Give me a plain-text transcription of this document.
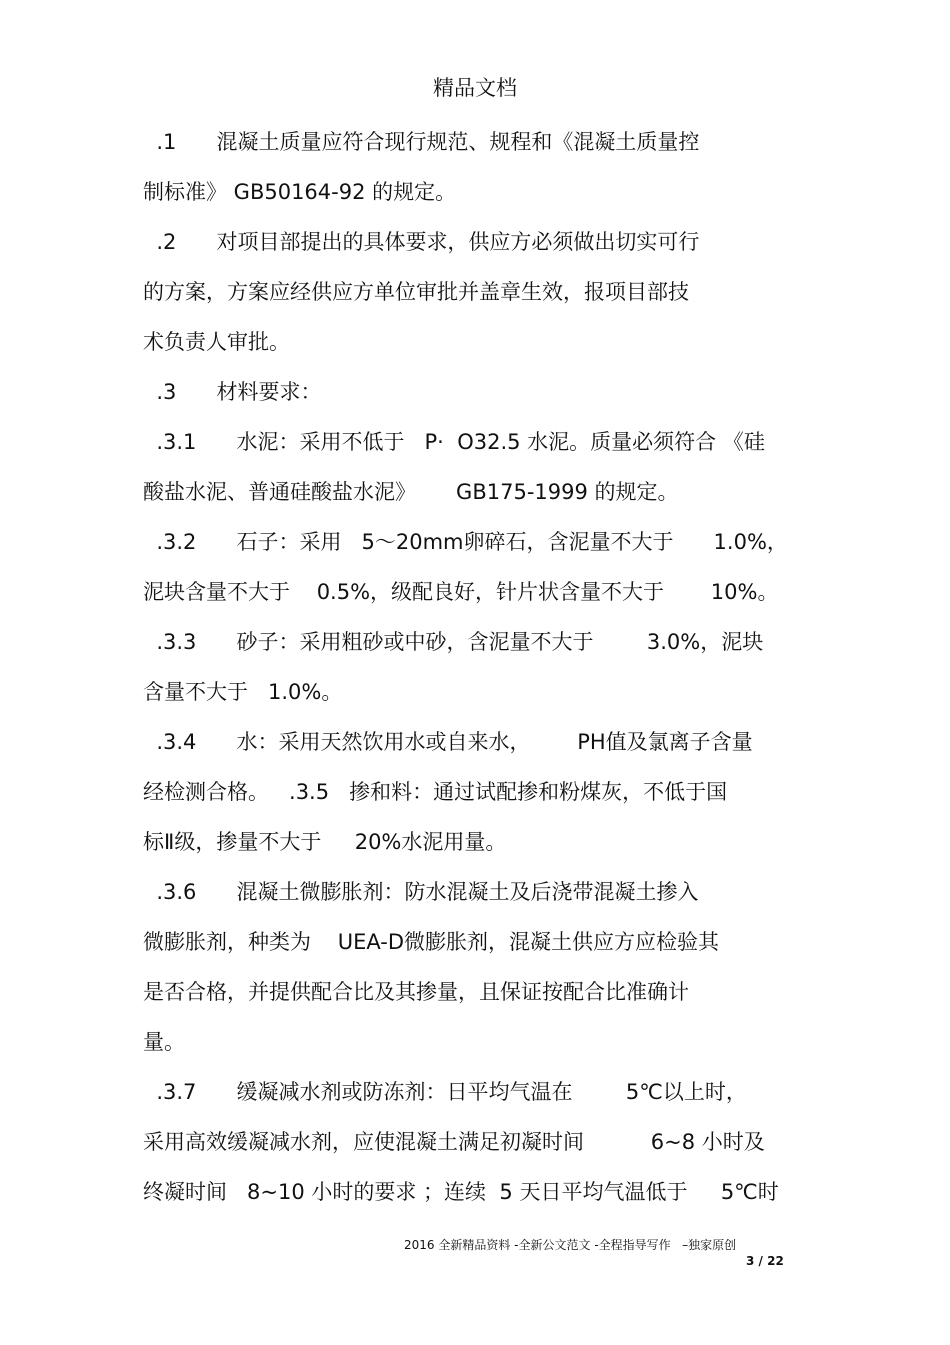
精品文档
.1      混凝土质量应符合现行规范、规程和《混凝土质量控
制标准》 GB50164-92 的规定。
.2      对项目部提出的具体要求，供应方必须做出切实可行
的方案，方案应经供应方单位审批并盖章生效，报项目部技
术负责人审批。
.3      材料要求：
.3.1      水泥：采用不低于   P·  O32.5 水泥。质量必须符合 《硅
酸盐水泥、普通硅酸盐水泥》      GB175-1999 的规定。
.3.2      石子：采用   5～20mm卵碎石，含泥量不大于      1.0%，
泥块含量不大于    0.5%，级配良好，针片状含量不大于       10%。
.3.3      砂子：采用粗砂或中砂，含泥量不大于        3.0%，泥块
含量不大于   1.0%。
.3.4      水：采用天然饮用水或自来水，       PH值及氯离子含量
经检测合格。   .3.5   掺和料：通过试配掺和粉煤灰，不低于国
标Ⅱ级，掺量不大于     20%水泥用量。
.3.6      混凝土微膨胀剂：防水混凝土及后浇带混凝土掺入
微膨胀剂，种类为    UEA-D微膨胀剂，混凝土供应方应检验其
是否合格，并提供配合比及其掺量，且保证按配合比准确计
量。
.3.7      缓凝减水剂或防冻剂：日平均气温在        5℃以上时，
采用高效缓凝减水剂，应使混凝土满足初凝时间          6~8 小时及
终凝时间   8~10 小时的要求 ；连续  5 天日平均气温低于     5℃时
2016 全新精品资料 -全新公文范文 -全程指导写作   –独家原创
3 / 22
